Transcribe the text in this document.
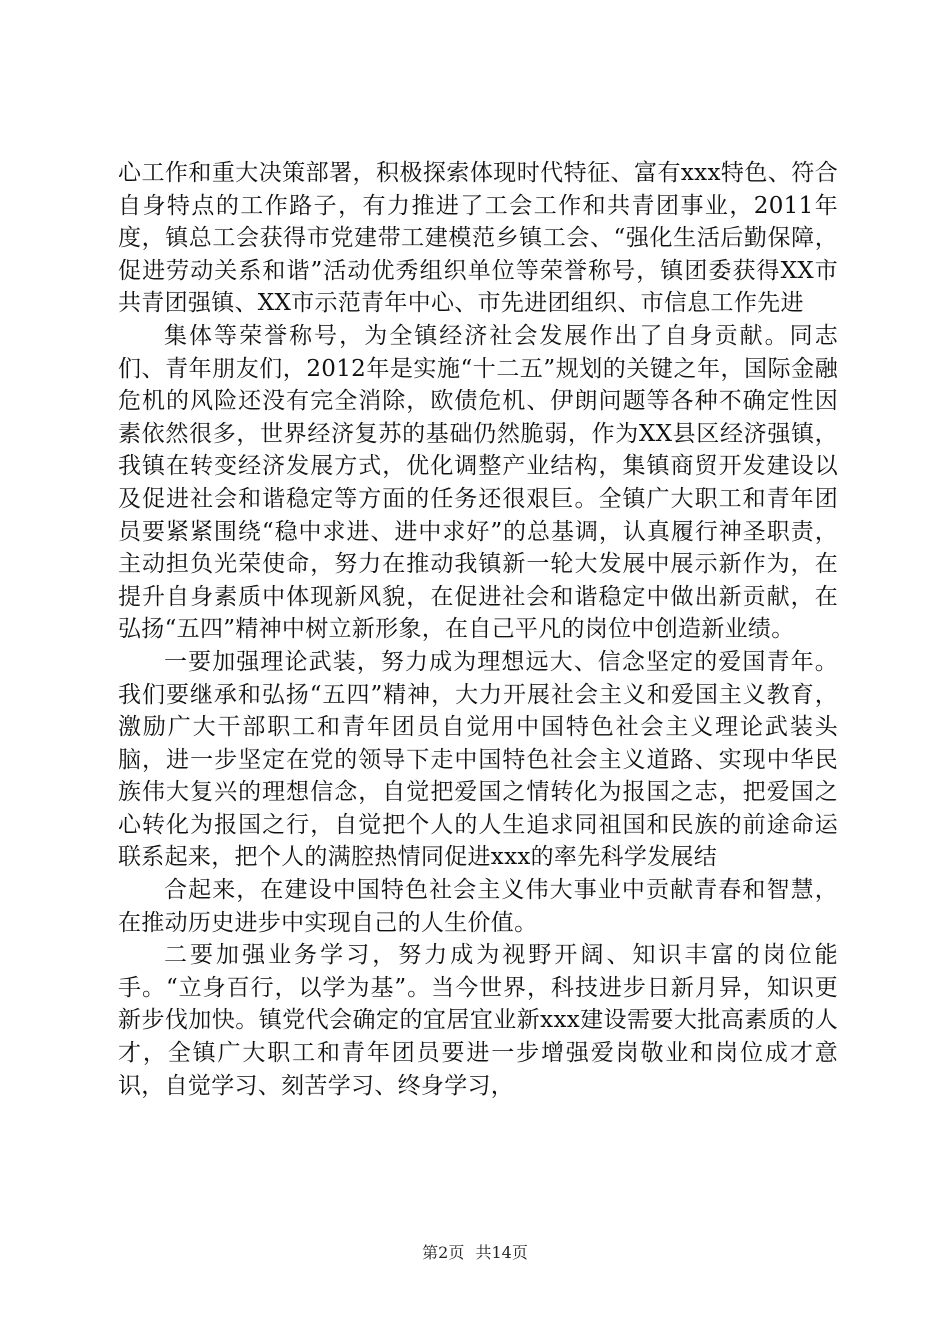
心工作和重大决策部署，积极探索体现时代特征、富有xxx特色、符合自身特点的工作路子，有力推进了工会工作和共青团事业，2011年度，镇总工会获得市党建带工建模范乡镇工会、“强化生活后勤保障，促进劳动关系和谐”活动优秀组织单位等荣誉称号，镇团委获得XX市共青团强镇、XX市示范青年中心、市先进团组织、市信息工作先进

集体等荣誉称号，为全镇经济社会发展作出了自身贡献。同志们、青年朋友们，2012年是实施“十二五”规划的关键之年，国际金融危机的风险还没有完全消除，欧债危机、伊朗问题等各种不确定性因素依然很多，世界经济复苏的基础仍然脆弱，作为XX县区经济强镇，我镇在转变经济发展方式，优化调整产业结构，集镇商贸开发建设以及促进社会和谐稳定等方面的任务还很艰巨。全镇广大职工和青年团员要紧紧围绕“稳中求进、进中求好”的总基调，认真履行神圣职责，主动担负光荣使命，努力在推动我镇新一轮大发展中展示新作为，在提升自身素质中体现新风貌，在促进社会和谐稳定中做出新贡献，在弘扬“五四”精神中树立新形象，在自己平凡的岗位中创造新业绩。

一要加强理论武装，努力成为理想远大、信念坚定的爱国青年。我们要继承和弘扬“五四”精神，大力开展社会主义和爱国主义教育，激励广大干部职工和青年团员自觉用中国特色社会主义理论武装头脑，进一步坚定在党的领导下走中国特色社会主义道路、实现中华民族伟大复兴的理想信念，自觉把爱国之情转化为报国之志，把爱国之心转化为报国之行，自觉把个人的人生追求同祖国和民族的前途命运联系起来，把个人的满腔热情同促进xxx的率先科学发展结

合起来，在建设中国特色社会主义伟大事业中贡献青春和智慧，在推动历史进步中实现自己的人生价值。

二要加强业务学习，努力成为视野开阔、知识丰富的岗位能手。“立身百行，以学为基”。当今世界，科技进步日新月异，知识更新步伐加快。镇党代会确定的宜居宜业新xxx建设需要大批高素质的人才，全镇广大职工和青年团员要进一步增强爱岗敬业和岗位成才意识，自觉学习、刻苦学习、终身学习，

第2页 共14页
